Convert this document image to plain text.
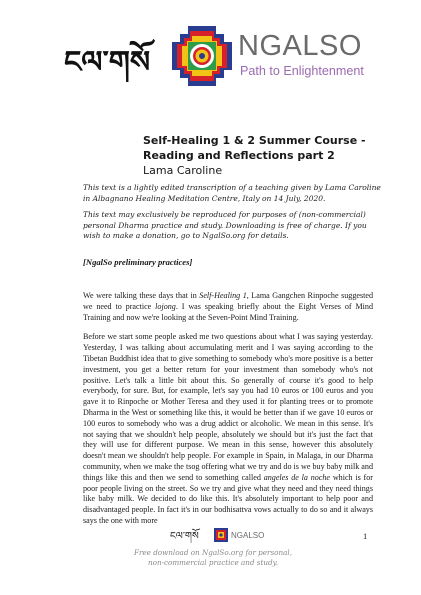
ངལ་གསོ	NGALSO
Path to Enlightenment
Self-Healing 1 & 2 Summer Course -
Reading and Reflections part 2
Lama Caroline

This text is a lightly edited transcription of a teaching given by Lama Caroline in Albagnano Healing Meditation Centre, Italy on 14 July, 2020.

This text may exclusively be reproduced for purposes of (non-commercial) personal Dharma practice and study. Downloading is free of charge. If you wish to make a donation, go to NgalSo.org for details.

[NgalSo preliminary practices]

We were talking these days that in Self-Healing 1, Lama Gangchen Rinpoche suggested we need to practice lojong. I was speaking briefly about the Eight Verses of Mind Training and now we're looking at the Seven-Point Mind Training.

Before we start some people asked me two questions about what I was saying yesterday. Yesterday, I was talking about accumulating merit and I was saying according to the Tibetan Buddhist idea that to give something to somebody who's more positive is a better investment, you get a better return for your investment than somebody who's not positive. Let's talk a little bit about this. So generally of course it's good to help everybody, for sure. But, for example, let's say you had 10 euros or 100 euros and you gave it to Rinpoche or Mother Teresa and they used it for planting trees or to promote Dharma in the West or something like this, it would be better than if we gave 10 euros or 100 euros to somebody who was a drug addict or alcoholic. We mean in this sense. It's not saying that we shouldn't help people, absolutely we should but it's just the fact that they will use for different purpose. We mean in this sense, however this absolutely doesn't mean we shouldn't help people. For example in Spain, in Malaga, in our Dharma community, when we make the tsog offering what we try and do is we buy baby milk and things like this and then we send to something called angeles de la noche which is for poor people living on the street. So we try and give what they need and they need things like baby milk. We decided to do like this. It's absolutely important to help poor and disadvantaged people. In fact it's in our bodhisattva vows actually to do so and it always says the one with more

ངལ་གསོ	NGALSO
Free download on NgalSo.org for personal,
non-commercial practice and study.
1
